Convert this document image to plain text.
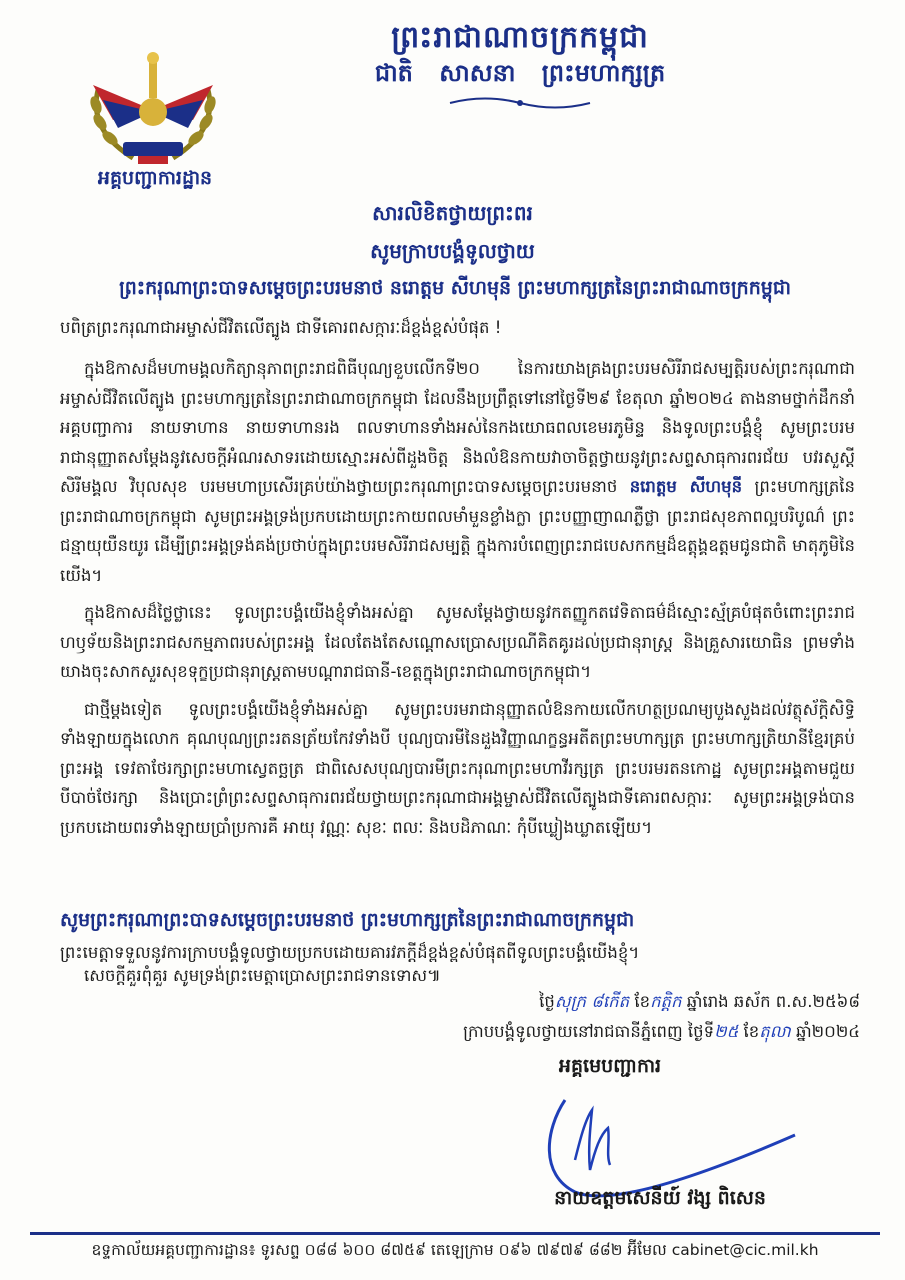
អគ្គបញ្ជាការដ្ឋាន
ព្រះរាជាណាចក្រកម្ពុជា
ជាតិ សាសនា ព្រះមហាក្សត្រ
សារលិខិតថ្វាយព្រះពរ
សូមក្រាបបង្គំទូលថ្វាយ
ព្រះករុណាព្រះបាទសម្តេចព្រះបរមនាថ នរោត្តម សីហមុនី ព្រះមហាក្សត្រនៃព្រះរាជាណាចក្រកម្ពុជា
បពិត្រព្រះករុណាជាអម្ចាស់ជីវិតលើត្បូង ជាទីគោរពសក្ការៈដ៏ខ្ពង់ខ្ពស់បំផុត !

ក្នុងឱកាសដ៏មហាមង្គលកិត្យានុភាពព្រះរាជពិធីបុណ្យខួបលើកទី២០ នៃការយាងគ្រងព្រះបរមសិរីរាជសម្បត្តិរបស់ព្រះករុណាជាអម្ចាស់ជីវិតលើត្បូង ព្រះមហាក្សត្រនៃព្រះរាជាណាចក្រកម្ពុជា ដែលនឹងប្រព្រឹត្តទៅនៅថ្ងៃទី២៩ ខែតុលា ឆ្នាំ២០២៤ តាងនាមថ្នាក់ដឹកនាំអគ្គបញ្ជាការ នាយទាហាន នាយទាហានរង ពលទាហានទាំងអស់នៃកងយោធពលខេមរភូមិន្ទ និងទូលព្រះបង្គំខ្ញុំ សូមព្រះបរមរាជានុញ្ញាតសម្តែងនូវសេចក្តីអំណរសាទរដោយស្មោះអស់ពីដួងចិត្ត និងលំឱនកាយវាចាចិត្តថ្វាយនូវព្រះសព្ទសាធុការពរជ័យ បវរសួស្តី សិរីមង្គល វិបុលសុខ បរមមហាប្រសើរគ្រប់យ៉ាងថ្វាយព្រះករុណាព្រះបាទសម្តេចព្រះបរមនាថ នរោត្តម សីហមុនី ព្រះមហាក្សត្រនៃព្រះរាជាណាចក្រកម្ពុជា សូមព្រះអង្គទ្រង់ប្រកបដោយព្រះកាយពលមាំមួនខ្លាំងក្លា ព្រះបញ្ញាញាណភ្លឺថ្លា ព្រះរាជសុខភាពល្អបរិបូណ៌ ព្រះជន្មាយុយឺនយូរ ដើម្បីព្រះអង្គទ្រង់គង់ប្រថាប់ក្នុងព្រះបរមសិរីរាជសម្បត្តិ ក្នុងការបំពេញព្រះរាជបេសកកម្មដ៏ឧត្តុង្គឧត្តមជូនជាតិ មាតុភូមិនៃយើង។

ក្នុងឱកាសដ៏ថ្លៃថ្លានេះ ទូលព្រះបង្គំយើងខ្ញុំទាំងអស់គ្នា សូមសម្តែងថ្វាយនូវកតញ្ញូកតវេទិតាធម៌ដ៏ស្មោះស្ម័គ្របំផុតចំពោះព្រះរាជហឫទ័យនិងព្រះរាជសកម្មភាពរបស់ព្រះអង្គ ដែលតែងតែសណ្តោសប្រោសប្រណីគិតគូរដល់ប្រជានុរាស្ត្រ និងគ្រួសារយោធិន ព្រមទាំងយាងចុះសាកសួរសុខទុក្ខប្រជានុរាស្ត្រតាមបណ្តារាជធានី-ខេត្តក្នុងព្រះរាជាណាចក្រកម្ពុជា។

ជាថ្មីម្តងទៀត ទូលព្រះបង្គំយើងខ្ញុំទាំងអស់គ្នា សូមព្រះបរមរាជានុញ្ញាតលំឱនកាយលើកហត្ថប្រណម្យបួងសួងដល់វត្ថុស័ក្តិសិទ្ធិទាំងឡាយក្នុងលោក គុណបុណ្យព្រះរតនត្រ័យកែវទាំងបី បុណ្យបារមីនៃដួងវិញ្ញាណក្ខន្ធអតីតព្រះមហាក្សត្រ ព្រះមហាក្សត្រិយានីខ្មែរគ្រប់ព្រះអង្គ ទេវតាថែរក្សាព្រះមហាស្វេតច្ឆត្រ ជាពិសេសបុណ្យបារមីព្រះករុណាព្រះមហាវីរក្សត្រ ព្រះបរមរតនកោដ្ឋ សូមព្រះអង្គតាមជួយបីបាច់ថែរក្សា និងប្រោះព្រំព្រះសព្ទសាធុការពរជ័យថ្វាយព្រះករុណាជាអង្គម្ចាស់ជីវិតលើត្បូងជាទីគោរពសក្ការៈ សូមព្រះអង្គទ្រង់បានប្រកបដោយពរទាំងឡាយប្រាំប្រការគឺ អាយុ វណ្ណៈ សុខៈ ពលៈ និងបដិភាណៈ កុំបីឃ្លៀងឃ្លាតឡើយ។

សូមព្រះករុណាព្រះបាទសម្តេចព្រះបរមនាថ ព្រះមហាក្សត្រនៃព្រះរាជាណាចក្រកម្ពុជា
ព្រះមេត្តាទទួលនូវការក្រាបបង្គំទូលថ្វាយប្រកបដោយគារវភក្តីដ៏ខ្ពង់ខ្ពស់បំផុតពីទូលព្រះបង្គំយើងខ្ញុំ។
សេចក្តីគួរពុំគួរ សូមទ្រង់ព្រះមេត្តាប្រោសព្រះរាជទានទោស៕
ថ្ងៃសុក្រ ៨កើត ខែកត្តិក ឆ្នាំរោង ឆស័ក ព.ស.២៥៦៨
ក្រាបបង្គំទូលថ្វាយនៅរាជធានីភ្នំពេញ ថ្ងៃទី២៥ ខែតុលា ឆ្នាំ២០២៤
អគ្គមេបញ្ជាការ
នាយឧត្តមសេនីយ៍ វង្ស ពិសេន
ឧទ្ទកាល័យអគ្គបញ្ជាការដ្ឋាន៖ ទូរសព្ទ ០៨៨ ៦០០ ៨៧៥៩ តេឡេក្រាម ០៩៦ ៧៩៧៩ ៨៨២ អ៊ីមែល cabinet@cic.mil.kh
